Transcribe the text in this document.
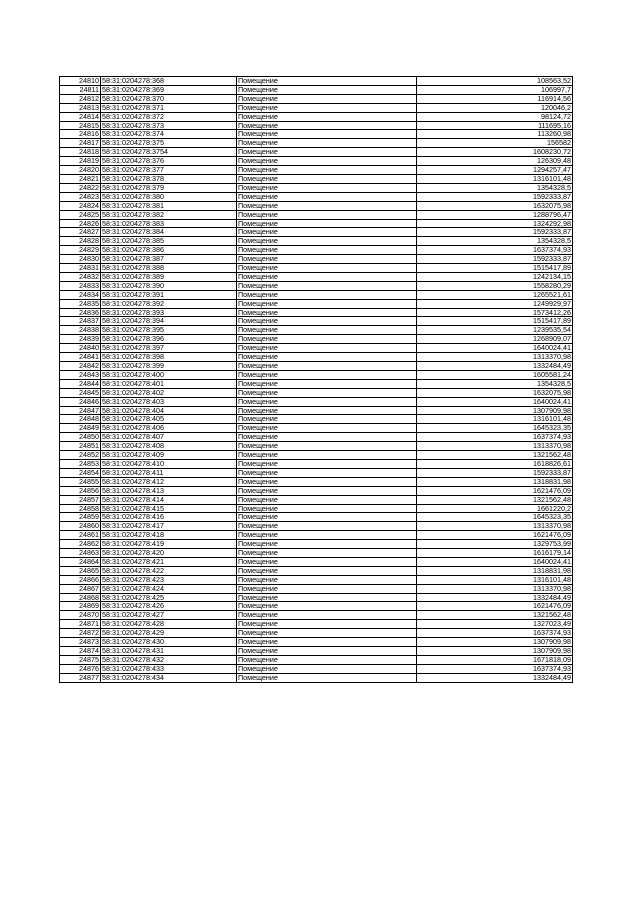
24810	58:31:0204278:368	Помещение	108563,52
24811	58:31:0204278:369	Помещение	106997,7
24812	58:31:0204278:370	Помещение	116914,56
24813	58:31:0204278:371	Помещение	120046,2
24814	58:31:0204278:372	Помещение	98124,72
24815	58:31:0204278:373	Помещение	111695,16
24816	58:31:0204278:374	Помещение	113260,98
24817	58:31:0204278:375	Помещение	156582
24818	58:31:0204278:3754	Помещение	1608230,72
24819	58:31:0204278:376	Помещение	126309,48
24820	58:31:0204278:377	Помещение	1294257,47
24821	58:31:0204278:378	Помещение	1316101,48
24822	58:31:0204278:379	Помещение	1354328,5
24823	58:31:0204278:380	Помещение	1592333,87
24824	58:31:0204278:381	Помещение	1632075,98
24825	58:31:0204278:382	Помещение	1288796,47
24826	58:31:0204278:383	Помещение	1324292,98
24827	58:31:0204278:384	Помещение	1592333,87
24828	58:31:0204278:385	Помещение	1354328,5
24829	58:31:0204278:386	Помещение	1637374,93
24830	58:31:0204278:387	Помещение	1592333,87
24831	58:31:0204278:388	Помещение	1515417,89
24832	58:31:0204278:389	Помещение	1242134,15
24833	58:31:0204278:390	Помещение	1558280,29
24834	58:31:0204278:391	Помещение	1265521,61
24835	58:31:0204278:392	Помещение	1249929,97
24836	58:31:0204278:393	Помещение	1573412,26
24837	58:31:0204278:394	Помещение	1515417,89
24838	58:31:0204278:395	Помещение	1239535,54
24839	58:31:0204278:396	Помещение	1268909,07
24840	58:31:0204278:397	Помещение	1640024,41
24841	58:31:0204278:398	Помещение	1313370,98
24842	58:31:0204278:399	Помещение	1332484,49
24843	58:31:0204278:400	Помещение	1605581,24
24844	58:31:0204278:401	Помещение	1354328,5
24845	58:31:0204278:402	Помещение	1632075,98
24846	58:31:0204278:403	Помещение	1640024,41
24847	58:31:0204278:404	Помещение	1307909,98
24848	58:31:0204278:405	Помещение	1316101,48
24849	58:31:0204278:406	Помещение	1645323,35
24850	58:31:0204278:407	Помещение	1637374,93
24851	58:31:0204278:408	Помещение	1313370,98
24852	58:31:0204278:409	Помещение	1321562,48
24853	58:31:0204278:410	Помещение	1618826,61
24854	58:31:0204278:411	Помещение	1592333,87
24855	58:31:0204278:412	Помещение	1318831,98
24856	58:31:0204278:413	Помещение	1621476,09
24857	58:31:0204278:414	Помещение	1321562,48
24858	58:31:0204278:415	Помещение	1661220,2
24859	58:31:0204278:416	Помещение	1645323,35
24860	58:31:0204278:417	Помещение	1313370,98
24861	58:31:0204278:418	Помещение	1621476,09
24862	58:31:0204278:419	Помещение	1329753,99
24863	58:31:0204278:420	Помещение	1616179,14
24864	58:31:0204278:421	Помещение	1640024,41
24865	58:31:0204278:422	Помещение	1318831,98
24866	58:31:0204278:423	Помещение	1316101,48
24867	58:31:0204278:424	Помещение	1313370,98
24868	58:31:0204278:425	Помещение	1332484,49
24869	58:31:0204278:426	Помещение	1621476,09
24870	58:31:0204278:427	Помещение	1321562,48
24871	58:31:0204278:428	Помещение	1327023,49
24872	58:31:0204278:429	Помещение	1637374,93
24873	58:31:0204278:430	Помещение	1307909,98
24874	58:31:0204278:431	Помещение	1307909,98
24875	58:31:0204278:432	Помещение	1671818,09
24876	58:31:0204278:433	Помещение	1637374,93
24877	58:31:0204278:434	Помещение	1332484,49
